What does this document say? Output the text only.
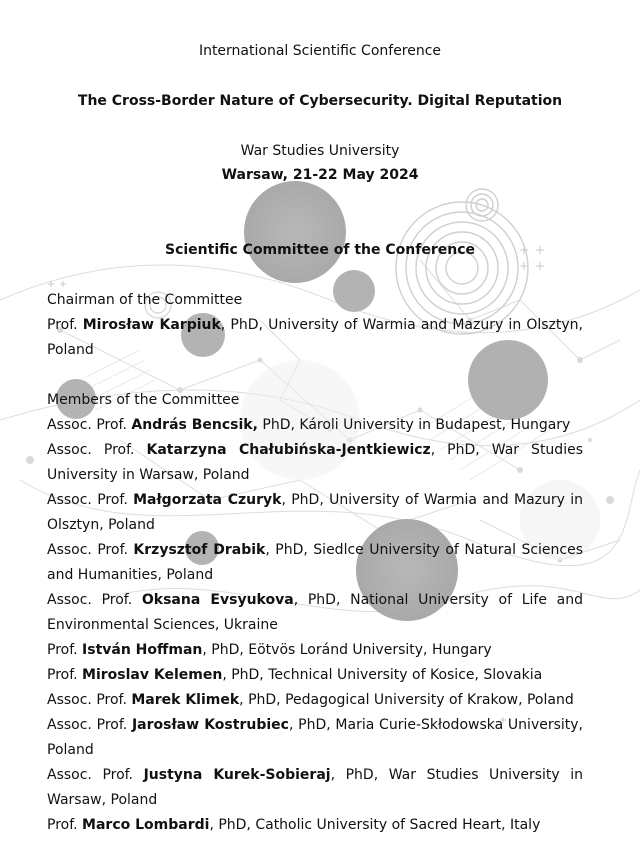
International Scientific Conference
The Cross-Border Nature of Cybersecurity. Digital Reputation
War Studies University
Warsaw, 21-22 May 2024
Scientific Committee of the Conference

Chairman of the Committee

Prof. Mirosław Karpiuk, PhD, University of Warmia and Mazury in Olsztyn, Poland

Members of the Committee

Assoc. Prof. András Bencsik, PhD, Károli University in Budapest, Hungary

Assoc. Prof. Katarzyna Chałubińska-Jentkiewicz, PhD, War Studies University in Warsaw, Poland

Assoc. Prof. Małgorzata Czuryk, PhD, University of Warmia and Mazury in Olsztyn, Poland

Assoc. Prof. Krzysztof Drabik, PhD, Siedlce University of Natural Sciences and Humanities, Poland

Assoc. Prof. Oksana Evsyukova, PhD, National University of Life and Environmental Sciences, Ukraine

Prof. István Hoffman, PhD, Eötvös Loránd University, Hungary

Prof. Miroslav Kelemen, PhD, Technical University of Kosice, Slovakia

Assoc. Prof. Marek Klimek, PhD, Pedagogical University of Krakow, Poland

Assoc. Prof. Jarosław Kostrubiec, PhD, Maria Curie-Skłodowska University, Poland

Assoc. Prof. Justyna Kurek-Sobieraj, PhD, War Studies University in Warsaw, Poland

Prof. Marco Lombardi, PhD, Catholic University of Sacred Heart, Italy
